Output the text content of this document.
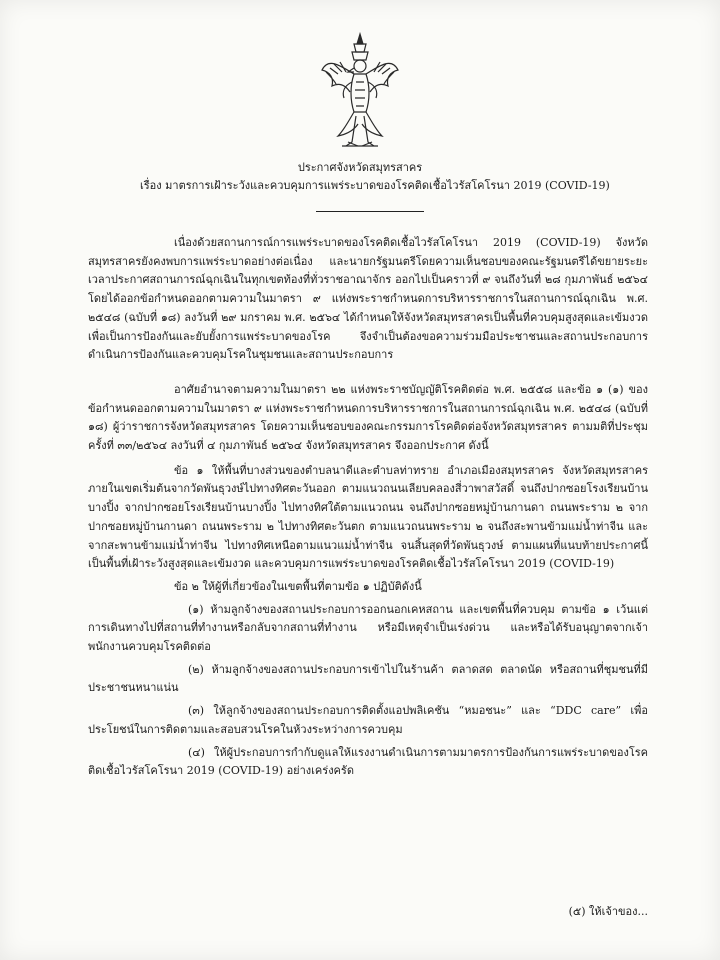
ประกาศจังหวัดสมุทรสาคร
เรื่อง มาตรการเฝ้าระวังและควบคุมการแพร่ระบาดของโรคติดเชื้อไวรัสโคโรนา 2019 (COVID-19)

เนื่องด้วยสถานการณ์การแพร่ระบาดของโรคติดเชื้อไวรัสโคโรนา 2019 (COVID-19) จังหวัดสมุทรสาครยังคงพบการแพร่ระบาดอย่างต่อเนื่อง และนายกรัฐมนตรีโดยความเห็นชอบของคณะรัฐมนตรีได้ขยายระยะเวลาประกาศสถานการณ์ฉุกเฉินในทุกเขตท้องที่ทั่วราชอาณาจักร ออกไปเป็นคราวที่ ๙ จนถึงวันที่ ๒๘ กุมภาพันธ์ ๒๕๖๔ โดยได้ออกข้อกำหนดออกตามความในมาตรา ๙ แห่งพระราชกำหนดการบริหารราชการในสถานการณ์ฉุกเฉิน พ.ศ. ๒๕๔๘ (ฉบับที่ ๑๘) ลงวันที่ ๒๙ มกราคม พ.ศ. ๒๕๖๔ ได้กำหนดให้จังหวัดสมุทรสาครเป็นพื้นที่ควบคุมสูงสุดและเข้มงวด เพื่อเป็นการป้องกันและยับยั้งการแพร่ระบาดของโรค จึงจำเป็นต้องขอความร่วมมือประชาชนและสถานประกอบการ ดำเนินการป้องกันและควบคุมโรคในชุมชนและสถานประกอบการ

อาศัยอำนาจตามความในมาตรา ๒๒ แห่งพระราชบัญญัติโรคติดต่อ พ.ศ. ๒๕๕๘ และข้อ ๑ (๑) ของข้อกำหนดออกตามความในมาตรา ๙ แห่งพระราชกำหนดการบริหารราชการในสถานการณ์ฉุกเฉิน พ.ศ. ๒๕๔๘ (ฉบับที่ ๑๘) ผู้ว่าราชการจังหวัดสมุทรสาคร โดยความเห็นชอบของคณะกรรมการโรคติดต่อจังหวัดสมุทรสาคร ตามมติที่ประชุม ครั้งที่ ๓๓/๒๕๖๔ ลงวันที่ ๔ กุมภาพันธ์ ๒๕๖๔ จังหวัดสมุทรสาคร จึงออกประกาศ ดังนี้

ข้อ ๑ ให้พื้นที่บางส่วนของตำบลนาดีและตำบลท่าทราย อำเภอเมืองสมุทรสาคร จังหวัดสมุทรสาคร ภายในเขตเริ่มต้นจากวัดพันธุวงษ์ไปทางทิศตะวันออก ตามแนวถนนเลียบคลองสี่วาพาสวัสดิ์ จนถึงปากซอยโรงเรียนบ้านบางปิ้ง จากปากซอยโรงเรียนบ้านบางปิ้ง ไปทางทิศใต้ตามแนวถนน จนถึงปากซอยหมู่บ้านกานดา ถนนพระราม ๒ จากปากซอยหมู่บ้านกานดา ถนนพระราม ๒ ไปทางทิศตะวันตก ตามแนวถนนพระราม ๒ จนถึงสะพานข้ามแม่น้ำท่าจีน และจากสะพานข้ามแม่น้ำท่าจีน ไปทางทิศเหนือตามแนวแม่น้ำท่าจีน จนสิ้นสุดที่วัดพันธุวงษ์ ตามแผนที่แนบท้ายประกาศนี้ เป็นพื้นที่เฝ้าระวังสูงสุดและเข้มงวด และควบคุมการแพร่ระบาดของโรคติดเชื้อไวรัสโคโรนา 2019 (COVID-19)

ข้อ ๒ ให้ผู้ที่เกี่ยวข้องในเขตพื้นที่ตามข้อ ๑ ปฏิบัติดังนี้

(๑) ห้ามลูกจ้างของสถานประกอบการออกนอกเคหสถาน และเขตพื้นที่ควบคุม ตามข้อ ๑ เว้นแต่การเดินทางไปที่สถานที่ทำงานหรือกลับจากสถานที่ทำงาน หรือมีเหตุจำเป็นเร่งด่วน และหรือได้รับอนุญาตจากเจ้าพนักงานควบคุมโรคติดต่อ

(๒) ห้ามลูกจ้างของสถานประกอบการเข้าไปในร้านค้า ตลาดสด ตลาดนัด หรือสถานที่ชุมชนที่มีประชาชนหนาแน่น

(๓) ให้ลูกจ้างของสถานประกอบการติดตั้งแอปพลิเคชัน “หมอชนะ” และ “DDC care” เพื่อประโยชน์ในการติดตามและสอบสวนโรคในห้วงระหว่างการควบคุม

(๔) ให้ผู้ประกอบการกำกับดูแลให้แรงงานดำเนินการตามมาตรการป้องกันการแพร่ระบาดของโรคติดเชื้อไวรัสโคโรนา 2019 (COVID-19) อย่างเคร่งครัด

(๕) ให้เจ้าของ...
